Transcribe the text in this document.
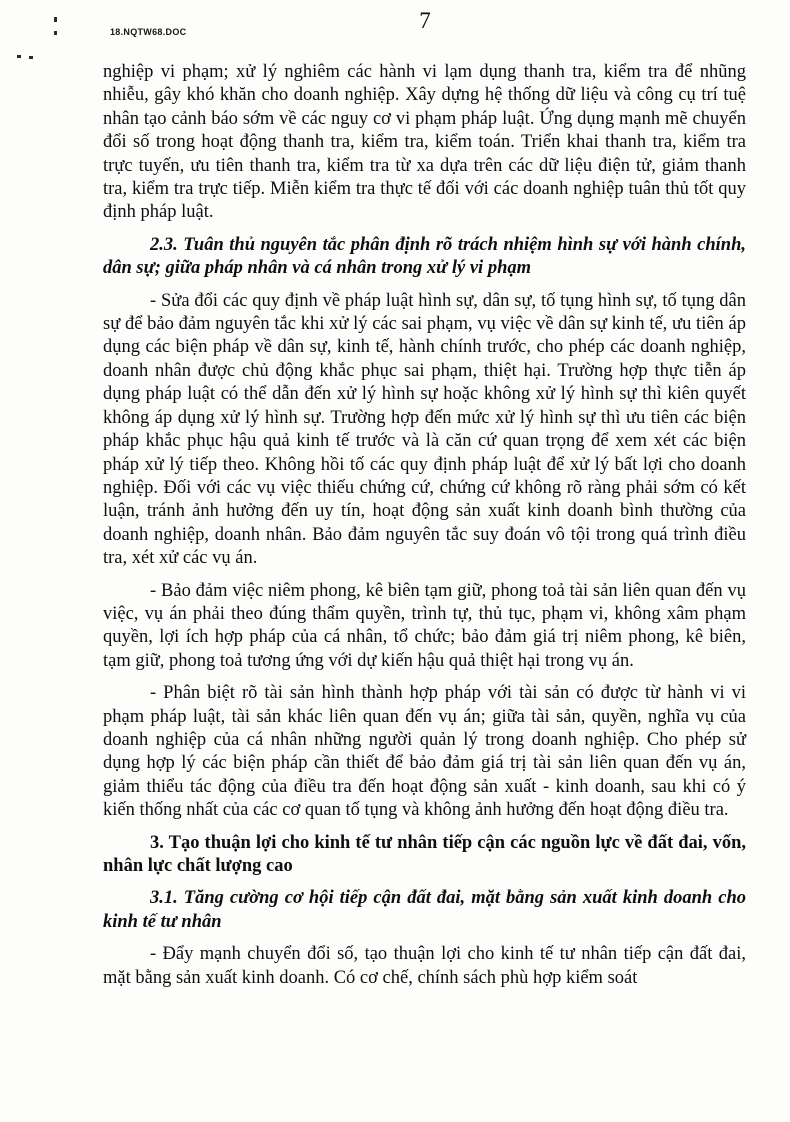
18.NQTW68.DOC	7

nghiệp vi phạm; xử lý nghiêm các hành vi lạm dụng thanh tra, kiểm tra để nhũng nhiễu, gây khó khăn cho doanh nghiệp. Xây dựng hệ thống dữ liệu và công cụ trí tuệ nhân tạo cảnh báo sớm về các nguy cơ vi phạm pháp luật. Ứng dụng mạnh mẽ chuyển đổi số trong hoạt động thanh tra, kiểm tra, kiểm toán. Triển khai thanh tra, kiểm tra trực tuyến, ưu tiên thanh tra, kiểm tra từ xa dựa trên các dữ liệu điện tử, giảm thanh tra, kiểm tra trực tiếp. Miễn kiểm tra thực tế đối với các doanh nghiệp tuân thủ tốt quy định pháp luật.

2.3. Tuân thủ nguyên tắc phân định rõ trách nhiệm hình sự với hành chính, dân sự; giữa pháp nhân và cá nhân trong xử lý vi phạm

- Sửa đổi các quy định về pháp luật hình sự, dân sự, tố tụng hình sự, tố tụng dân sự để bảo đảm nguyên tắc khi xử lý các sai phạm, vụ việc về dân sự kinh tế, ưu tiên áp dụng các biện pháp về dân sự, kinh tế, hành chính trước, cho phép các doanh nghiệp, doanh nhân được chủ động khắc phục sai phạm, thiệt hại. Trường hợp thực tiễn áp dụng pháp luật có thể dẫn đến xử lý hình sự hoặc không xử lý hình sự thì kiên quyết không áp dụng xử lý hình sự. Trường hợp đến mức xử lý hình sự thì ưu tiên các biện pháp khắc phục hậu quả kinh tế trước và là căn cứ quan trọng để xem xét các biện pháp xử lý tiếp theo. Không hồi tố các quy định pháp luật để xử lý bất lợi cho doanh nghiệp. Đối với các vụ việc thiếu chứng cứ, chứng cứ không rõ ràng phải sớm có kết luận, tránh ảnh hưởng đến uy tín, hoạt động sản xuất kinh doanh bình thường của doanh nghiệp, doanh nhân. Bảo đảm nguyên tắc suy đoán vô tội trong quá trình điều tra, xét xử các vụ án.

- Bảo đảm việc niêm phong, kê biên tạm giữ, phong toả tài sản liên quan đến vụ việc, vụ án phải theo đúng thẩm quyền, trình tự, thủ tục, phạm vi, không xâm phạm quyền, lợi ích hợp pháp của cá nhân, tổ chức; bảo đảm giá trị niêm phong, kê biên, tạm giữ, phong toả tương ứng với dự kiến hậu quả thiệt hại trong vụ án.

- Phân biệt rõ tài sản hình thành hợp pháp với tài sản có được từ hành vi vi phạm pháp luật, tài sản khác liên quan đến vụ án; giữa tài sản, quyền, nghĩa vụ của doanh nghiệp của cá nhân những người quản lý trong doanh nghiệp. Cho phép sử dụng hợp lý các biện pháp cần thiết để bảo đảm giá trị tài sản liên quan đến vụ án, giảm thiểu tác động của điều tra đến hoạt động sản xuất - kinh doanh, sau khi có ý kiến thống nhất của các cơ quan tố tụng và không ảnh hưởng đến hoạt động điều tra.

3. Tạo thuận lợi cho kinh tế tư nhân tiếp cận các nguồn lực về đất đai, vốn, nhân lực chất lượng cao

3.1. Tăng cường cơ hội tiếp cận đất đai, mặt bằng sản xuất kinh doanh cho kinh tế tư nhân

- Đẩy mạnh chuyển đổi số, tạo thuận lợi cho kinh tế tư nhân tiếp cận đất đai, mặt bằng sản xuất kinh doanh. Có cơ chế, chính sách phù hợp kiểm soát
